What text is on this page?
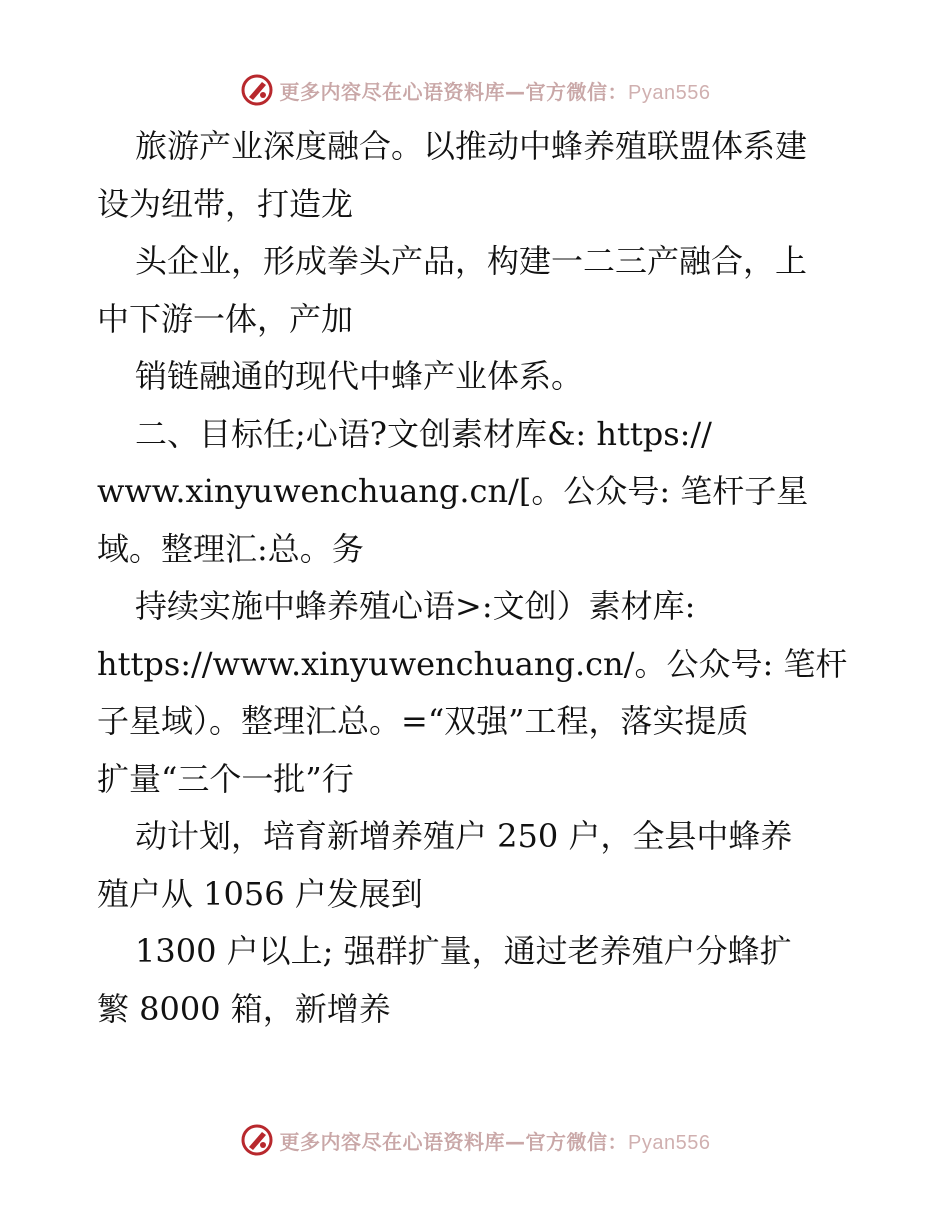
更多内容尽在心语资料库—官方微信：Pyan556
旅游产业深度融合。以推动中蜂养殖联盟体系建
设为纽带，打造龙
头企业，形成拳头产品，构建一二三产融合，上
中下游一体，产加
销链融通的现代中蜂产业体系。
二、目标任;心语?文创素材库&: https://
www.xinyuwenchuang.cn/[。公众号: 笔杆子星
域。整理汇:总。务
持续实施中蜂养殖心语>:文创）素材库:
https://www.xinyuwenchuang.cn/。公众号: 笔杆
子星域）。整理汇总。=“双强”工程，落实提质
扩量“三个一批”行
动计划，培育新增养殖户 250 户，全县中蜂养
殖户从 1056 户发展到
1300 户以上; 强群扩量，通过老养殖户分蜂扩
繁 8000 箱，新增养
更多内容尽在心语资料库—官方微信：Pyan556
